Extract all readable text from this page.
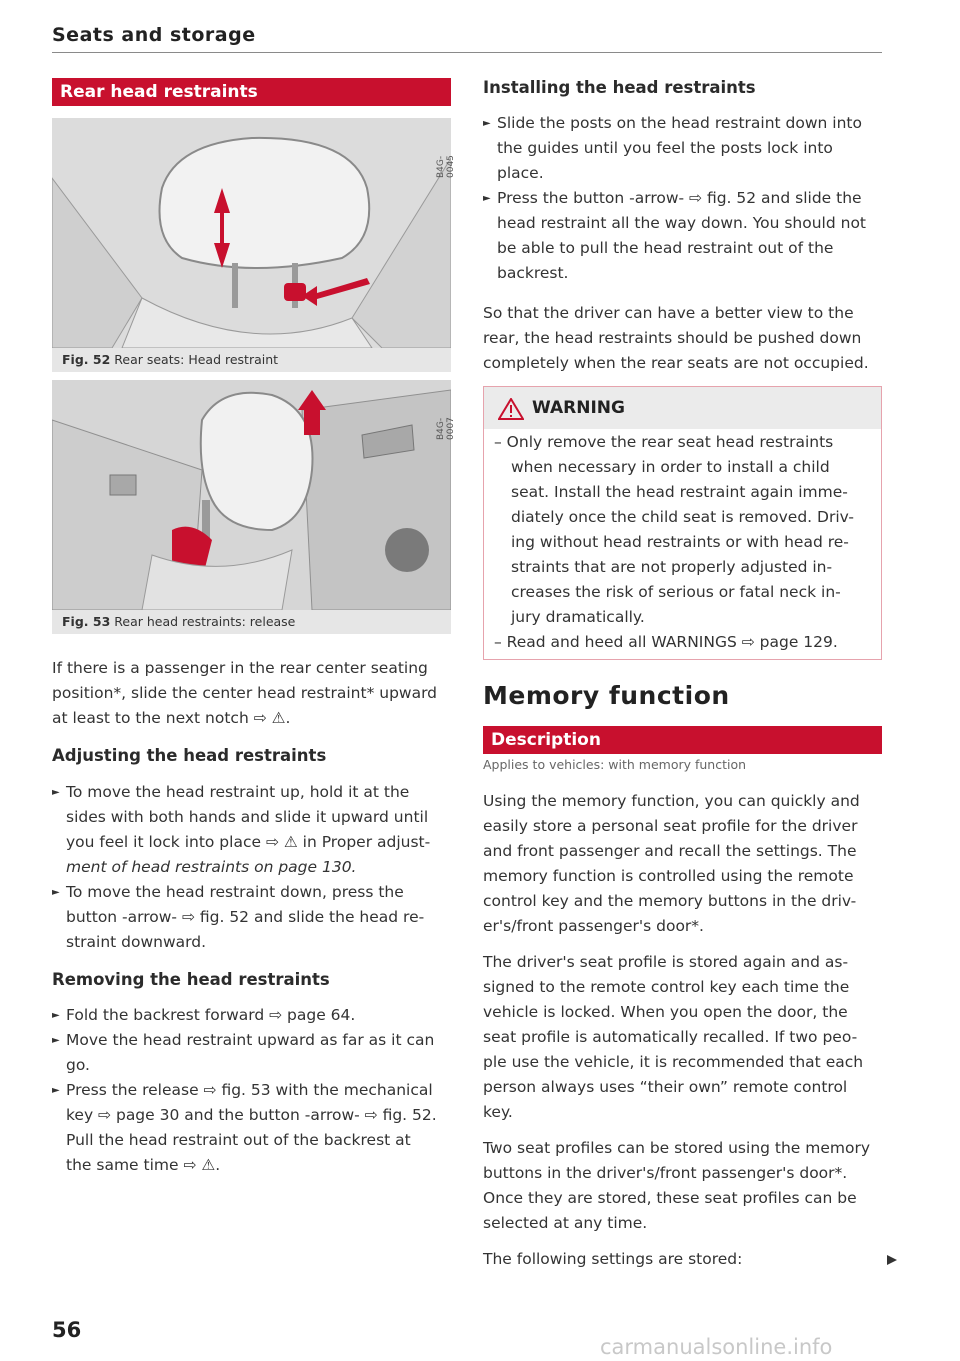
Seats and storage
Rear head restraints
B4G-0045
Fig. 52 Rear seats: Head restraint
B4G-0007
Fig. 53 Rear head restraints: release
If there is a passenger in the rear center seating
position*, slide the center head restraint* upward
at least to the next notch ⇨ ⚠.
Adjusting the head restraints
► To move the head restraint up, hold it at the
sides with both hands and slide it upward until
you feel it lock into place ⇨ ⚠ in Proper adjust-
ment of head restraints on page 130.
► To move the head restraint down, press the
button -arrow- ⇨ fig. 52 and slide the head re-
straint downward.
Removing the head restraints
► Fold the backrest forward ⇨ page 64.
► Move the head restraint upward as far as it can
go.
► Press the release ⇨ fig. 53 with the mechanical
key ⇨ page 30 and the button -arrow- ⇨ fig. 52.
Pull the head restraint out of the backrest at
the same time ⇨ ⚠.
Installing the head restraints
► Slide the posts on the head restraint down into
the guides until you feel the posts lock into
place.
► Press the button -arrow- ⇨ fig. 52 and slide the
head restraint all the way down. You should not
be able to pull the head restraint out of the
backrest.
So that the driver can have a better view to the
rear, the head restraints should be pushed down
completely when the rear seats are not occupied.
WARNING
– Only remove the rear seat head restraints
when necessary in order to install a child
seat. Install the head restraint again imme-
diately once the child seat is removed. Driv-
ing without head restraints or with head re-
straints that are not properly adjusted in-
creases the risk of serious or fatal neck in-
jury dramatically.
– Read and heed all WARNINGS ⇨ page 129.
Memory function
Description
Applies to vehicles: with memory function
Using the memory function, you can quickly and
easily store a personal seat profile for the driver
and front passenger and recall the settings. The
memory function is controlled using the remote
control key and the memory buttons in the driv-
er's/front passenger's door*.
The driver's seat profile is stored again and as-
signed to the remote control key each time the
vehicle is locked. When you open the door, the
seat profile is automatically recalled. If two peo-
ple use the vehicle, it is recommended that each
person always uses “their own” remote control
key.
Two seat profiles can be stored using the memory
buttons in the driver's/front passenger's door*.
Once they are stored, these seat profiles can be
selected at any time.
The following settings are stored:
56
carmanualsonline.info
